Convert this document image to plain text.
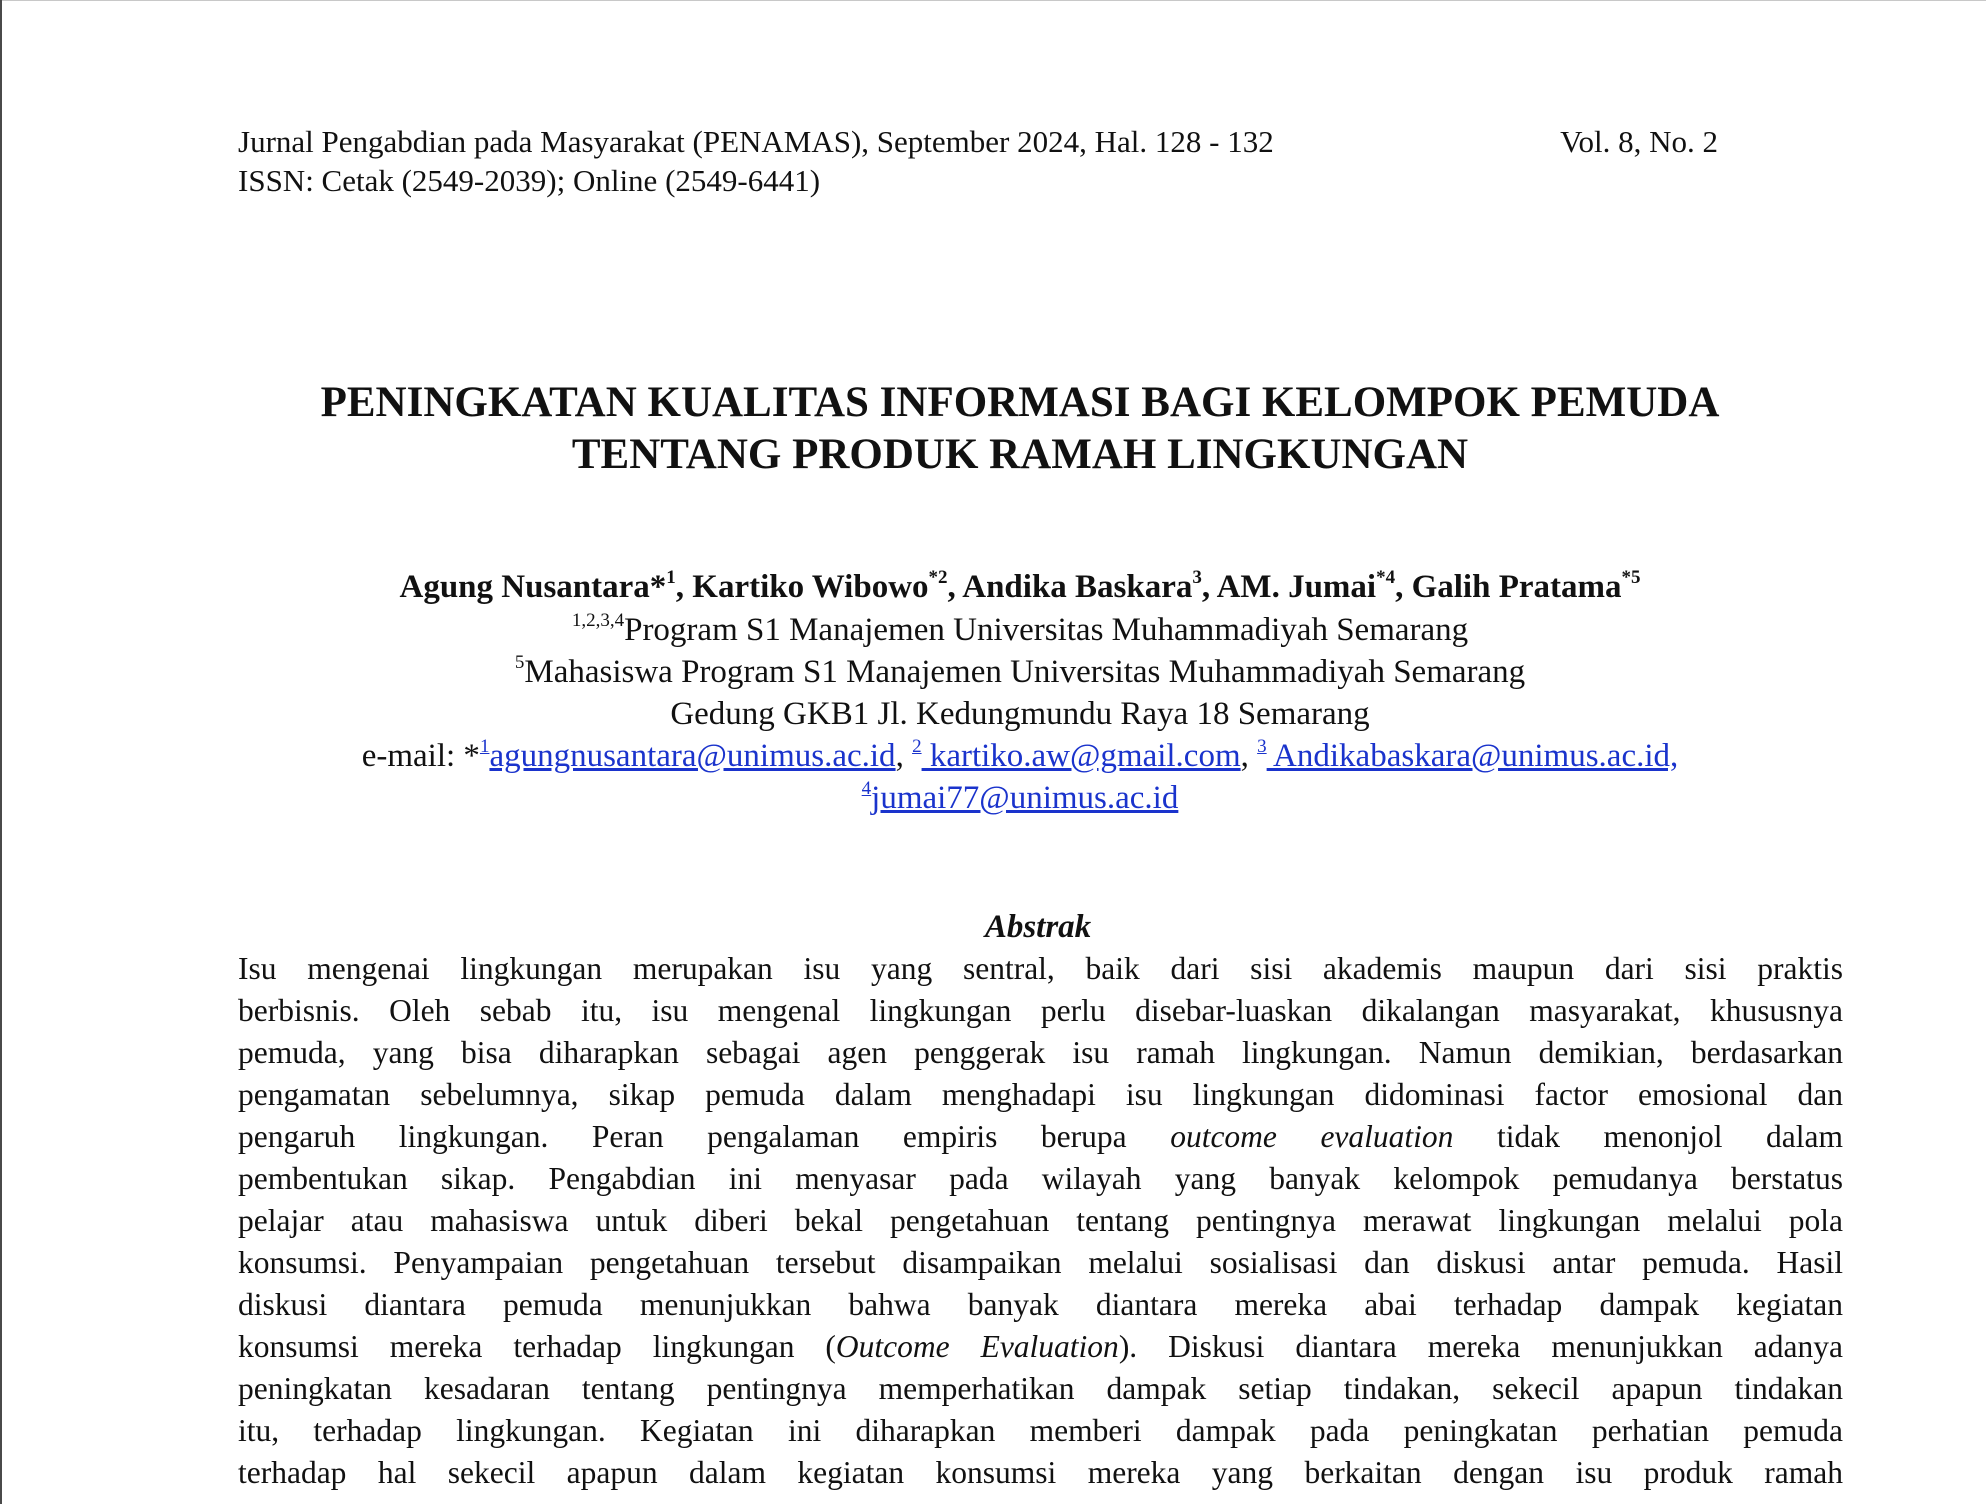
Jurnal Pengabdian pada Masyarakat (PENAMAS), September 2024, Hal. 128 - 132	Vol. 8, No. 2
ISSN: Cetak (2549-2039); Online (2549-6441)
PENINGKATAN KUALITAS INFORMASI BAGI KELOMPOK PEMUDA
TENTANG PRODUK RAMAH LINGKUNGAN
Agung Nusantara*$^1$, Kartiko Wibowo$^{*2}$, Andika Baskara$^3$, AM. Jumai$^{*4}$, Galih Pratama$^{*5}$
$^{1,2,3,4}$Program S1 Manajemen Universitas Muhammadiyah Semarang
$^5$Mahasiswa Program S1 Manajemen Universitas Muhammadiyah Semarang
Gedung GKB1 Jl. Kedungmundu Raya 18 Semarang
e-mail: *$^1$agungnusantara@unimus.ac.id, $^2$ kartiko.aw@gmail.com, $^3$ Andikabaskara@unimus.ac.id,
$^4$jumai77@unimus.ac.id
Abstrak
Isu mengenai lingkungan merupakan isu yang sentral, baik dari sisi akademis maupun dari sisi praktis
berbisnis. Oleh sebab itu, isu mengenal lingkungan perlu disebar-luaskan dikalangan masyarakat, khususnya
pemuda, yang bisa diharapkan sebagai agen penggerak isu ramah lingkungan. Namun demikian, berdasarkan
pengamatan sebelumnya, sikap pemuda dalam menghadapi isu lingkungan didominasi factor emosional dan
pengaruh lingkungan. Peran pengalaman empiris berupa outcome evaluation tidak menonjol dalam
pembentukan sikap. Pengabdian ini menyasar pada wilayah yang banyak kelompok pemudanya berstatus
pelajar atau mahasiswa untuk diberi bekal pengetahuan tentang pentingnya merawat lingkungan melalui pola
konsumsi. Penyampaian pengetahuan tersebut disampaikan melalui sosialisasi dan diskusi antar pemuda. Hasil
diskusi diantara pemuda menunjukkan bahwa banyak diantara mereka abai terhadap dampak kegiatan
konsumsi mereka terhadap lingkungan (Outcome Evaluation). Diskusi diantara mereka menunjukkan adanya
peningkatan kesadaran tentang pentingnya memperhatikan dampak setiap tindakan, sekecil apapun tindakan
itu, terhadap lingkungan. Kegiatan ini diharapkan memberi dampak pada peningkatan perhatian pemuda
terhadap hal sekecil apapun dalam kegiatan konsumsi mereka yang berkaitan dengan isu produk ramah
